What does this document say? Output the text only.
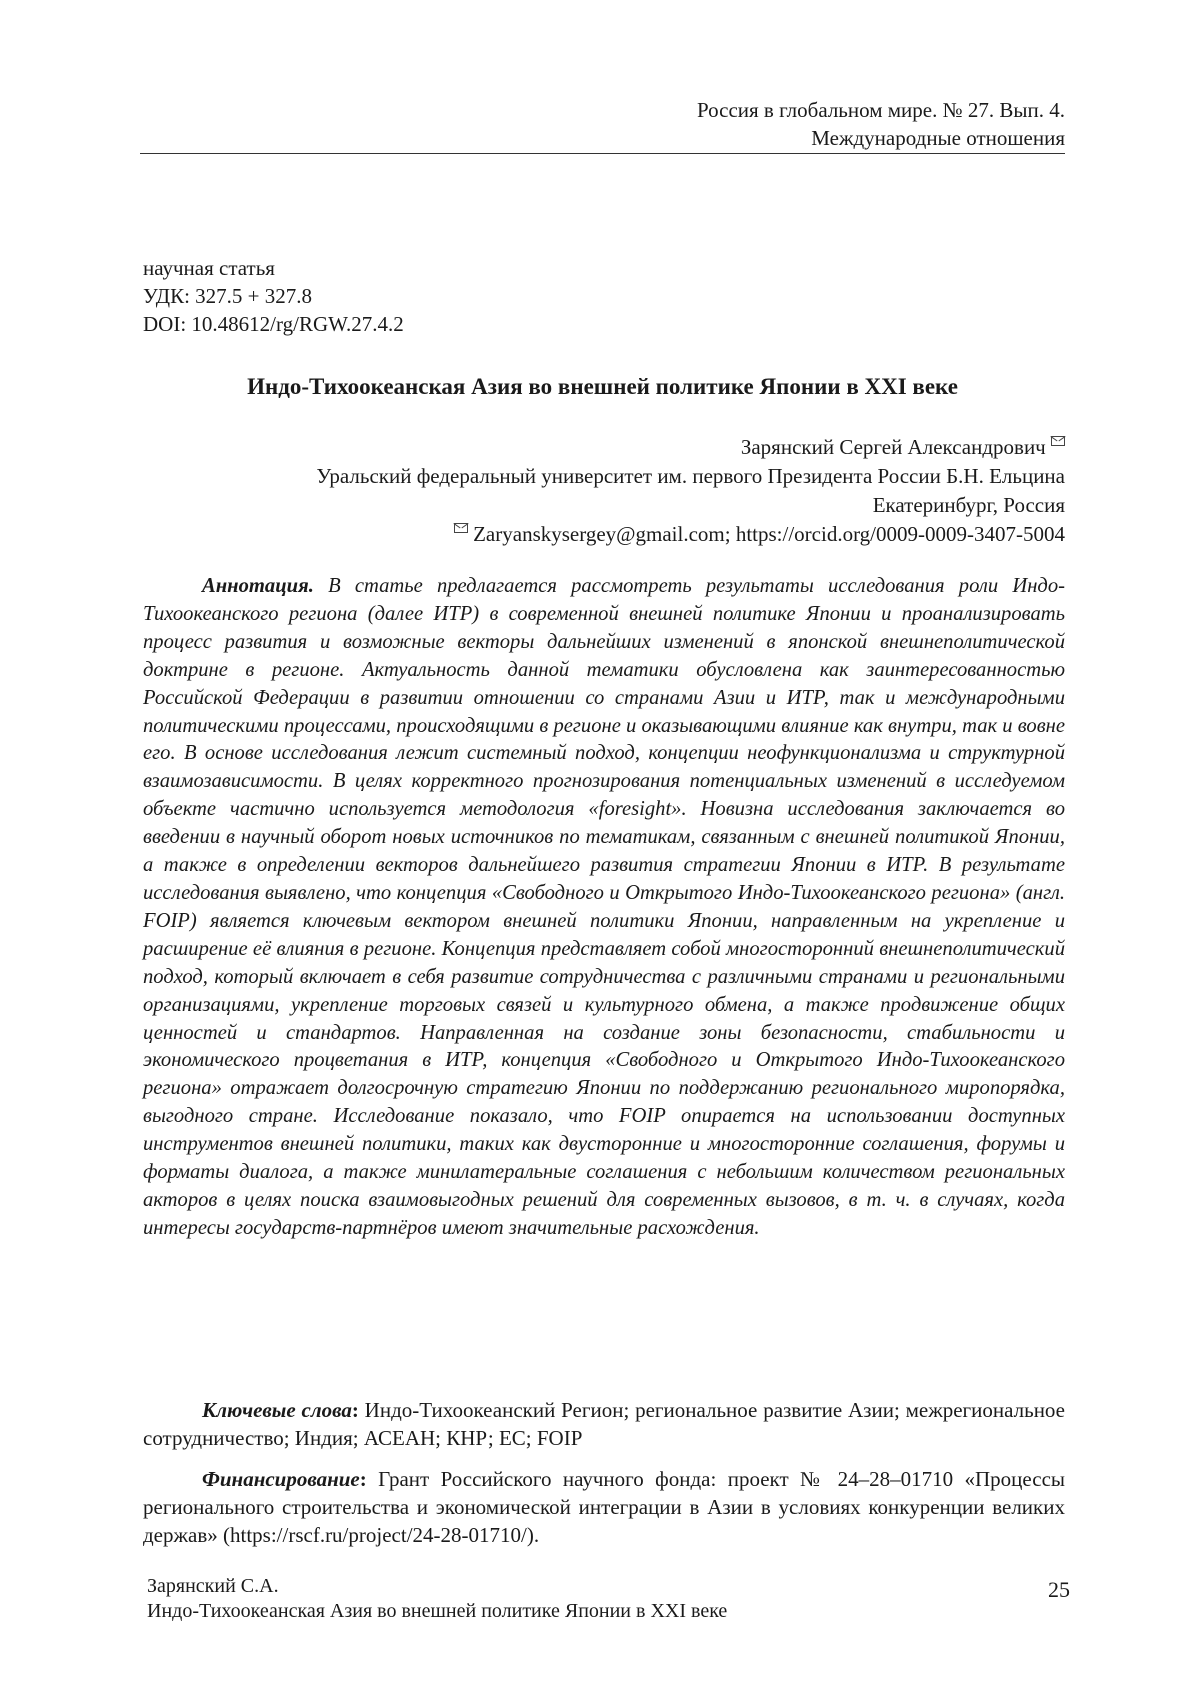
Россия в глобальном мире. № 27. Вып. 4.
Международные отношения
научная статья
УДК: 327.5 + 327.8
DOI: 10.48612/rg/RGW.27.4.2
Индо-Тихоокеанская Азия во внешней политике Японии в XXI веке
Зарянский Сергей Александрович
Уральский федеральный университет им. первого Президента России Б.Н. Ельцина
Екатеринбург, Россия
Zaryanskysergey@gmail.com; https://orcid.org/0009-0009-3407-5004

Аннотация. В статье предлагается рассмотреть результаты исследования роли Индо-Тихоокеанского региона (далее ИТР) в современной внешней политике Японии и проанализировать процесс развития и возможные векторы дальнейших изменений в японской внешнеполитической доктрине в регионе. Актуальность данной тематики обусловлена как заинтересованностью Российской Федерации в развитии отношении со странами Азии и ИТР, так и международными политическими процессами, происходящими в регионе и оказывающими влияние как внутри, так и вовне его. В основе исследования лежит системный подход, концепции неофункционализма и структурной взаимозависимости. В целях корректного прогнозирования потенциальных изменений в исследуемом объекте частично используется методология «foresight». Новизна исследования заключается во введении в научный оборот новых источников по тематикам, связанным с внешней политикой Японии, а также в определении векторов дальнейшего развития стратегии Японии в ИТР. В результате исследования выявлено, что концепция «Свободного и Открытого Индо-Тихоокеанского региона» (англ. FOIP) является ключевым вектором внешней политики Японии, направленным на укрепление и расширение её влияния в регионе. Концепция представляет собой многосторонний внешнеполитический подход, который включает в себя развитие сотрудничества с различными странами и региональными организациями, укрепление торговых связей и культурного обмена, а также продвижение общих ценностей и стандартов. Направленная на создание зоны безопасности, стабильности и экономического процветания в ИТР, концепция «Свободного и Открытого Индо-Тихоокеанского региона» отражает долгосрочную стратегию Японии по поддержанию регионального миропорядка, выгодного стране. Исследование показало, что FOIP опирается на использовании доступных инструментов внешней политики, таких как двусторонние и многосторонние соглашения, форумы и форматы диалога, а также минилатеральные соглашения с небольшим количеством региональных акторов в целях поиска взаимовыгодных решений для современных вызовов, в т. ч. в случаях, когда интересы государств-партнёров имеют значительные расхождения.

Ключевые слова: Индо-Тихоокеанский Регион; региональное развитие Азии; межрегиональное сотрудничество; Индия; АСЕАН; КНР; ЕС; FOIP

Финансирование: Грант Российского научного фонда: проект № 24–28–01710 «Процессы регионального строительства и экономической интеграции в Азии в условиях конкуренции великих держав» (https://rscf.ru/project/24-28-01710/).

Зарянский С.А.
Индо-Тихоокеанская Азия во внешней политике Японии в XXI веке
25
